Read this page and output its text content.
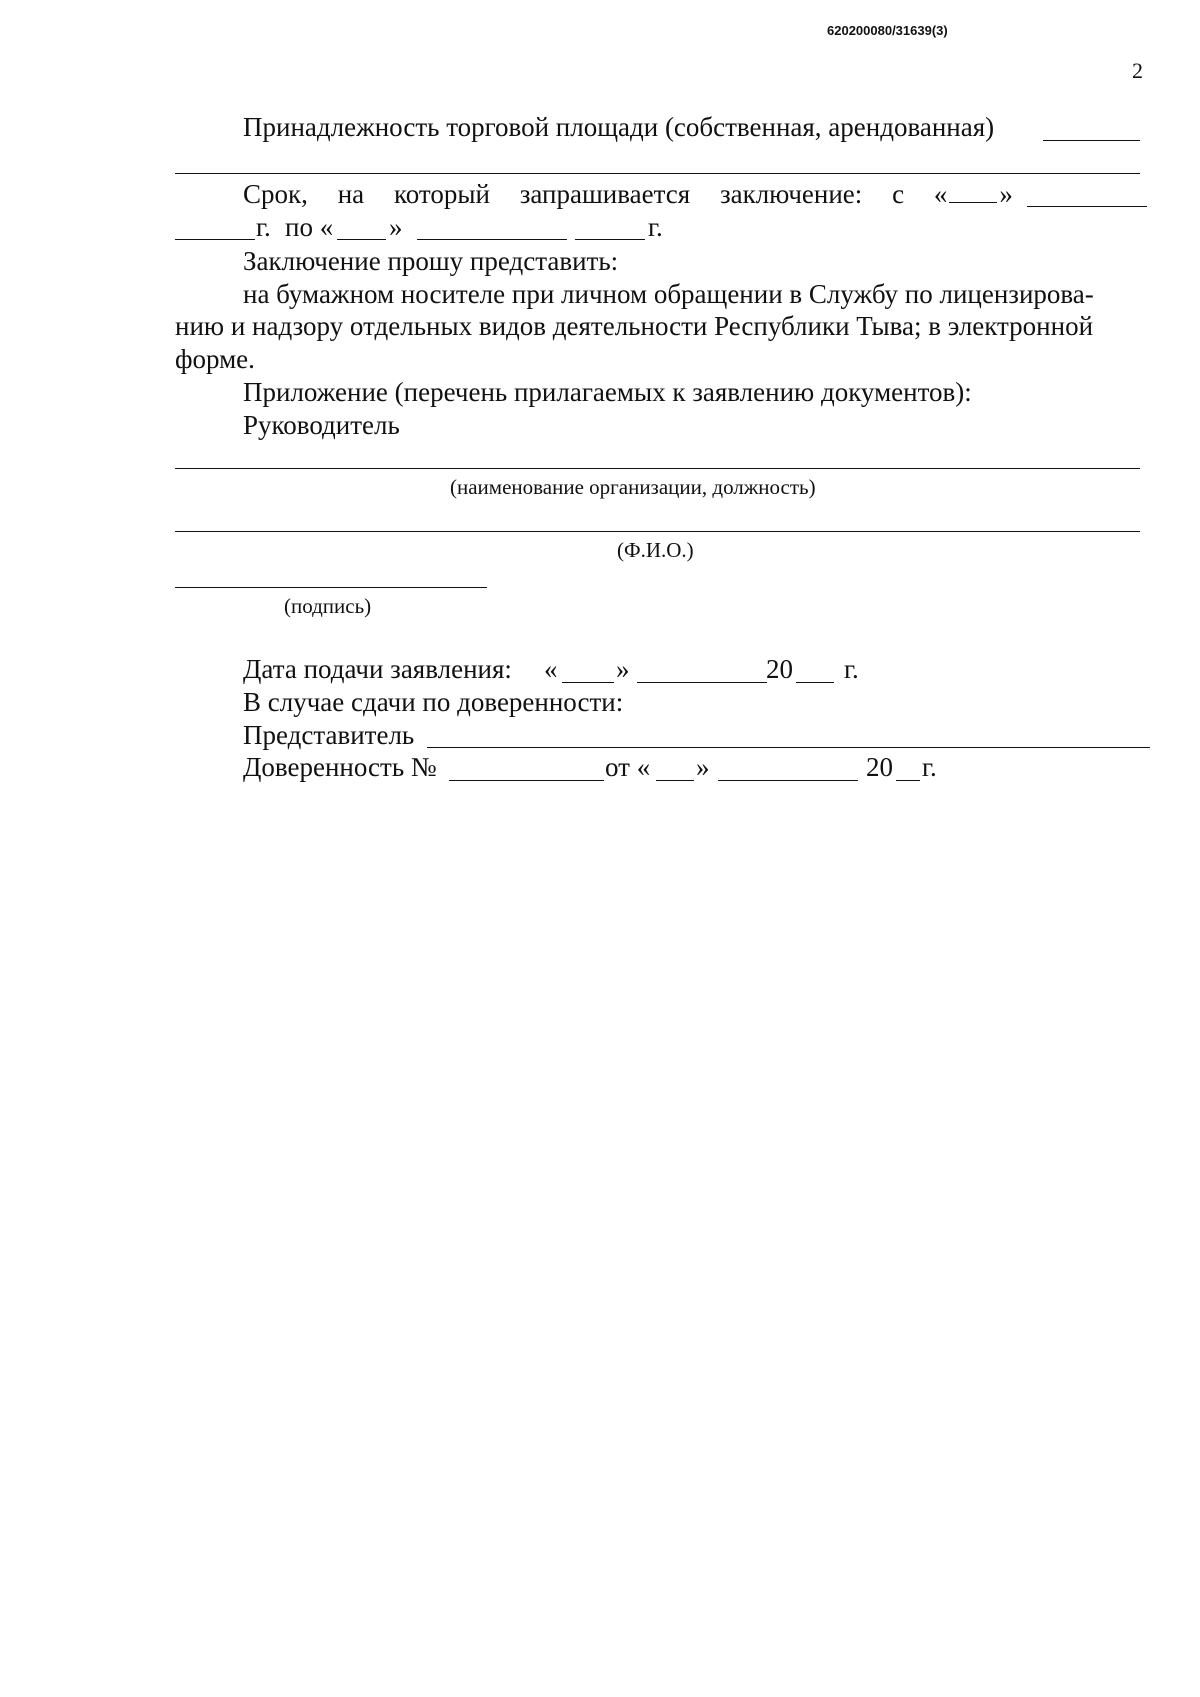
620200080/31639(3)
2
Принадлежность торговой площади (собственная, арендованная)
Срок, на который запрашивается заключение: с « »
г. по « »	г.
Заключение прошу представить:
на бумажном носителе при личном обращении в Службу по лицензирова-
нию и надзору отдельных видов деятельности Республики Тыва; в электронной
форме.
Приложение (перечень прилагаемых к заявлению документов):
Руководитель
(наименование организации, должность)
(Ф.И.О.)
(подпись)
Дата подачи заявления: « »	20 г.
В случае сдачи по доверенности:
Представитель
Доверенность №	от « »	20 г.
